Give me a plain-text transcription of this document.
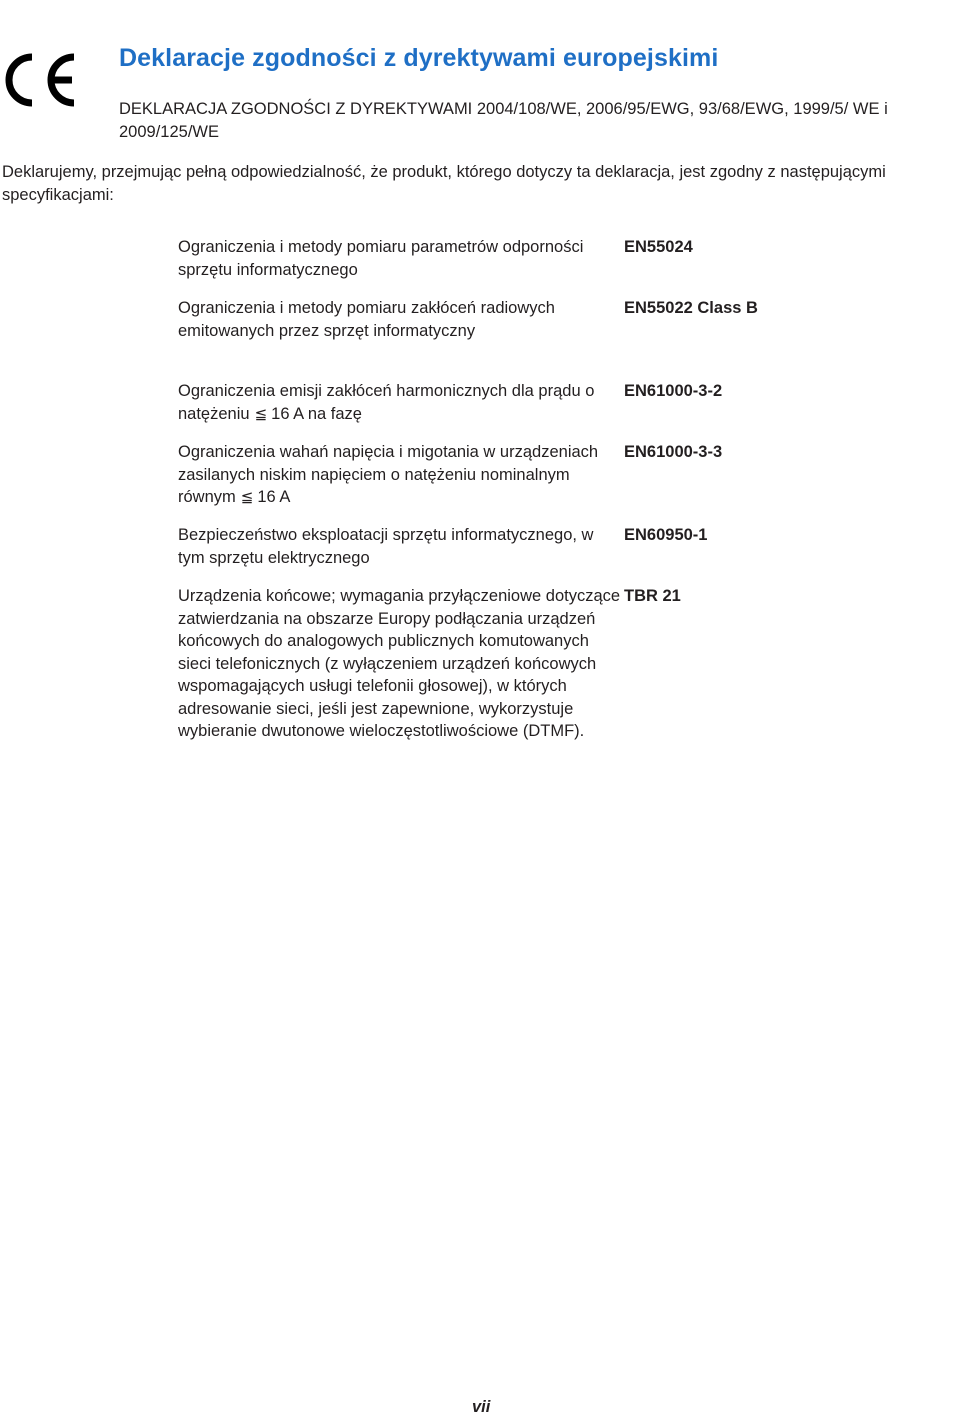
Deklaracje zgodności z dyrektywami europejskimi

DEKLARACJA ZGODNOŚCI Z DYREKTYWAMI 2004/108/WE, 2006/95/EWG, 93/68/EWG, 1999/5/ WE i 2009/125/WE

Deklarujemy, przejmując pełną odpowiedzialność, że produkt, którego dotyczy ta deklaracja, jest zgodny z następującymi specyfikacjami:

Ograniczenia i metody pomiaru parametrów odporności sprzętu informatycznego
EN55024
Ograniczenia i metody pomiaru zakłóceń radiowych emitowanych przez sprzęt informatyczny
EN55022 Class B
Ograniczenia emisji zakłóceń harmonicznych dla prądu o natężeniu ≦ 16 A na fazę
EN61000-3-2
Ograniczenia wahań napięcia i migotania w urządzeniach zasilanych niskim napięciem o natężeniu nominalnym równym ≦ 16 A
EN61000-3-3
Bezpieczeństwo eksploatacji sprzętu informatycznego, w tym sprzętu elektrycznego
EN60950-1
Urządzenia końcowe; wymagania przyłączeniowe dotyczące zatwierdzania na obszarze Europy podłączania urządzeń końcowych do analogowych publicznych komutowanych sieci telefonicznych (z wyłączeniem urządzeń końcowych wspomagających usługi telefonii głosowej), w których adresowanie sieci, jeśli jest zapewnione, wykorzystuje wybieranie dwutonowe wieloczęstotliwościowe (DTMF).
TBR 21
vii
